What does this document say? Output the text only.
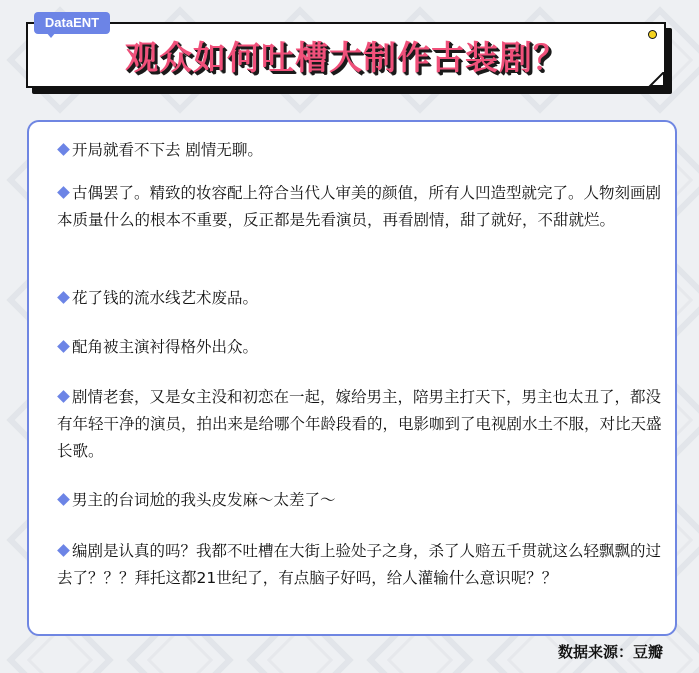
DataENT
观众如何吐槽大制作古装剧？
开局就看不下去 剧情无聊。
古偶罢了。精致的妆容配上符合当代人审美的颜值，所有人凹造型就完了。人物刻画剧本质量什么的根本不重要，反正都是先看演员，再看剧情，甜了就好，不甜就烂。
花了钱的流水线艺术废品。
配角被主演衬得格外出众。
剧情老套，又是女主没和初恋在一起，嫁给男主，陪男主打天下，男主也太丑了，都没有年轻干净的演员，拍出来是给哪个年龄段看的，电影咖到了电视剧水土不服，对比天盛长歌。
男主的台词尬的我头皮发麻～太差了～
编剧是认真的吗？我都不吐槽在大街上验处子之身，杀了人赔五千贯就这么轻飘飘的过去了？？？拜托这都21世纪了，有点脑子好吗，给人灌输什么意识呢？？
数据来源：豆瓣
